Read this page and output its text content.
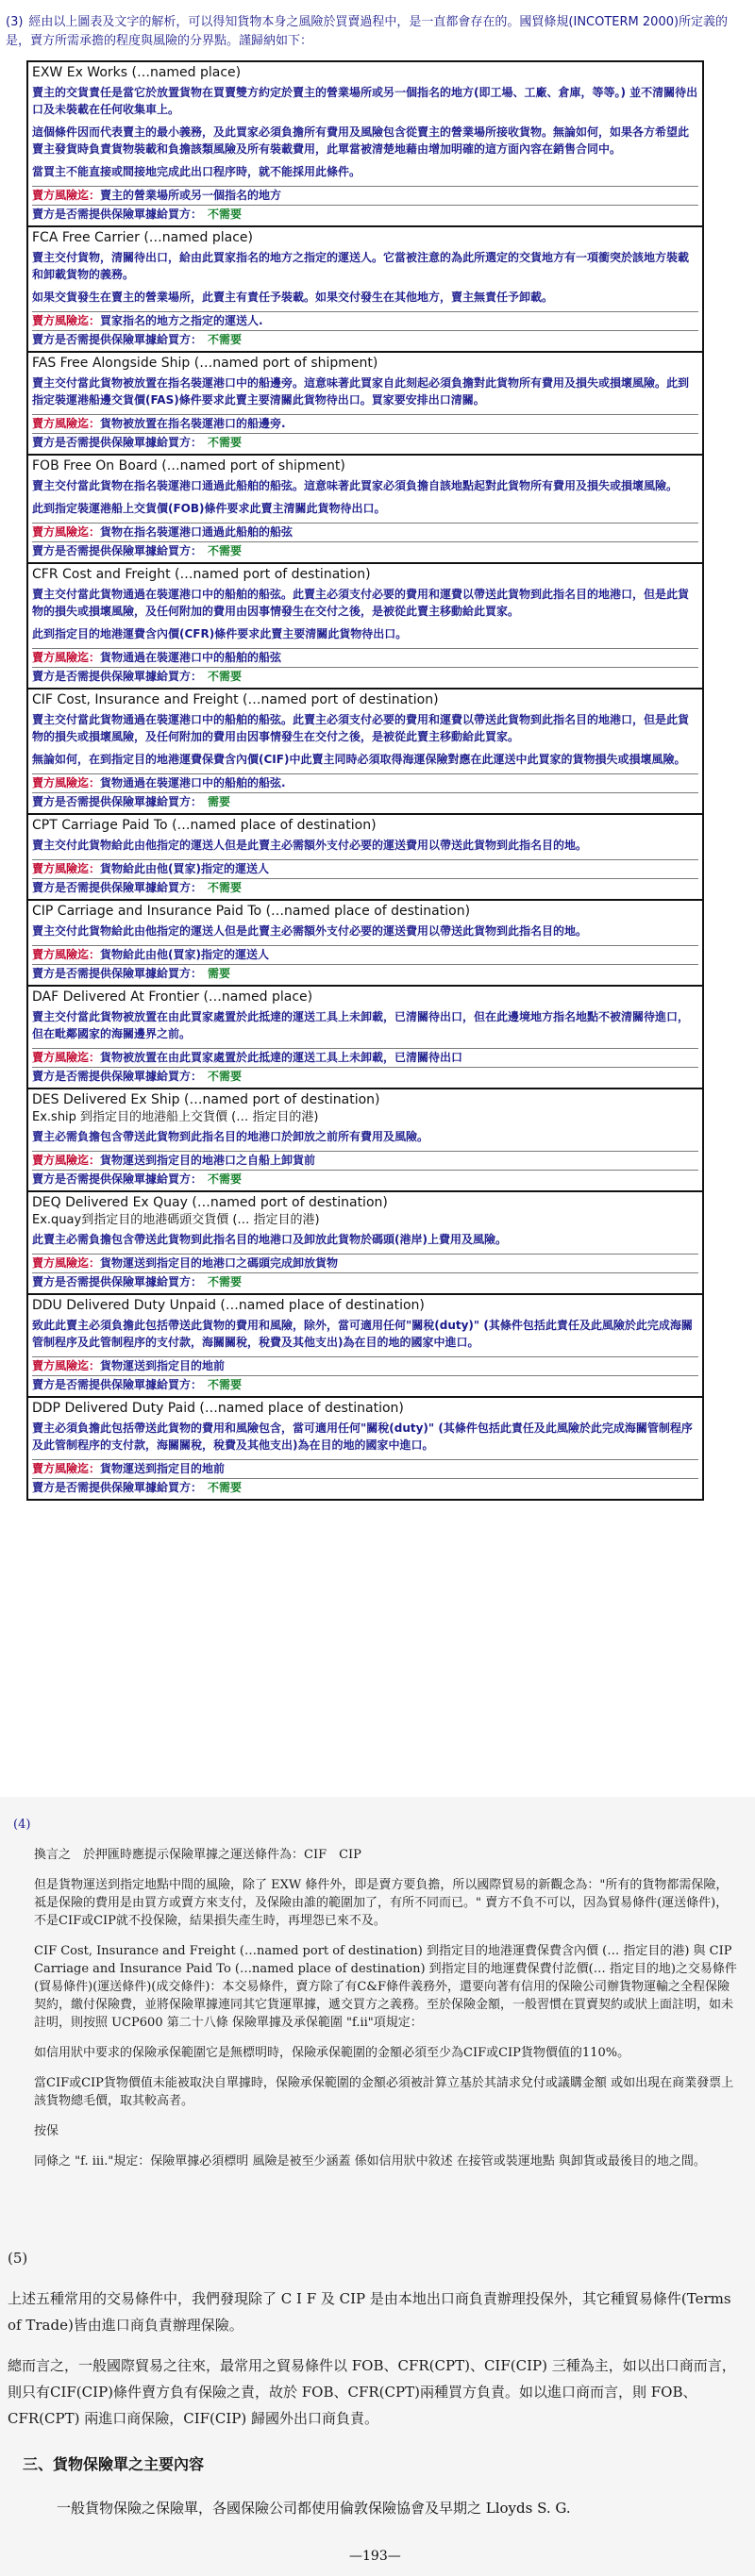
(3) 經由以上圖表及文字的解析，可以得知貨物本身之風險於買賣過程中，是一直都會存在的。國貿條規(INCOTERM 2000)所定義的是，賣方所需承擔的程度與風險的分界點。謹歸納如下：
EXW Ex Works (…named place)
賣主的交貨責任是當它於放置貨物在買賣雙方約定於賣主的營業場所或另一個指名的地方(即工場、工廠、倉庫，等等。) 並不清關待出口及未裝載在任何收集車上。
這個條件因而代表賣主的最小義務，及此買家必須負擔所有費用及風險包含從賣主的營業場所接收貨物。無論如何，如果各方希望此賣主發貨時負責貨物裝載和負擔該類風險及所有裝載費用，此單當被清楚地藉由增加明確的這方面內容在銷售合同中。
當買主不能直接或間接地完成此出口程序時，就不能採用此條件。
賣方風險迄：賣主的營業場所或另一個指名的地方
賣方是否需提供保險單據給買方： 不需要
FCA Free Carrier (…named place)
賣主交付貨物，清關待出口，給由此買家指名的地方之指定的運送人。它當被注意的為此所選定的交貨地方有一項衝突於該地方裝載和卸載貨物的義務。
如果交貨發生在賣主的營業場所，此賣主有責任予裝載。如果交付發生在其他地方，賣主無責任予卸載。
賣方風險迄：買家指名的地方之指定的運送人.
賣方是否需提供保險單據給買方： 不需要
FAS Free Alongside Ship (…named port of shipment)
賣主交付當此貨物被放置在指名裝運港口中的船邊旁。這意味著此買家自此刻起必須負擔對此貨物所有費用及損失或損壞風險。此到指定裝運港船邊交貨價(FAS)條件要求此賣主要清關此貨物待出口。買家要安排出口清關。
賣方風險迄：貨物被放置在指名裝運港口的船邊旁.
賣方是否需提供保險單據給買方： 不需要
FOB Free On Board (…named port of shipment)
賣主交付當此貨物在指名裝運港口通過此船舶的船弦。這意味著此買家必須負擔自該地點起對此貨物所有費用及損失或損壞風險。
此到指定裝運港船上交貨價(FOB)條件要求此賣主清關此貨物待出口。
賣方風險迄：貨物在指名裝運港口通過此船舶的船弦
賣方是否需提供保險單據給買方： 不需要
CFR Cost and Freight (…named port of destination)
賣主交付當此貨物通過在裝運港口中的船舶的船弦。此賣主必須支付必要的費用和運費以帶送此貨物到此指名目的地港口，但是此貨物的損失或損壞風險，及任何附加的費用由因事情發生在交付之後，是被從此賣主移動給此買家。
此到指定目的地港運費含內價(CFR)條件要求此賣主要清關此貨物待出口。
賣方風險迄：貨物通過在裝運港口中的船舶的船弦
賣方是否需提供保險單據給買方： 不需要
CIF Cost, Insurance and Freight (…named port of destination)
賣主交付當此貨物通過在裝運港口中的船舶的船弦。此賣主必須支付必要的費用和運費以帶送此貨物到此指名目的地港口，但是此貨物的損失或損壞風險，及任何附加的費用由因事情發生在交付之後，是被從此賣主移動給此買家。
無論如何，在到指定目的地港運費保費含內價(CIF)中此賣主同時必須取得海運保險對應在此運送中此買家的貨物損失或損壞風險。
賣方風險迄：貨物通過在裝運港口中的船舶的船弦.
賣方是否需提供保險單據給買方： 需要
CPT Carriage Paid To (…named place of destination)
賣主交付此貨物給此由他指定的運送人但是此賣主必需額外支付必要的運送費用以帶送此貨物到此指名目的地。
賣方風險迄：貨物給此由他(買家)指定的運送人
賣方是否需提供保險單據給買方： 不需要
CIP Carriage and Insurance Paid To (…named place of destination)
賣主交付此貨物給此由他指定的運送人但是此賣主必需額外支付必要的運送費用以帶送此貨物到此指名目的地。
賣方風險迄：貨物給此由他(買家)指定的運送人
賣方是否需提供保險單據給買方： 需要
DAF Delivered At Frontier (…named place)
賣主交付當此貨物被放置在由此買家處置於此抵達的運送工具上未卸載，已清關待出口，但在此邊境地方指名地點不被清關待進口，但在毗鄰國家的海關邊界之前。
賣方風險迄：貨物被放置在由此買家處置於此抵達的運送工具上未卸載，已清關待出口
賣方是否需提供保險單據給買方： 不需要
DES Delivered Ex Ship (…named port of destination)
Ex.ship 到指定目的地港船上交貨價 (… 指定目的港)
賣主必需負擔包含帶送此貨物到此指名目的地港口於卸放之前所有費用及風險。
賣方風險迄：貨物運送到指定目的地港口之自船上卸貨前
賣方是否需提供保險單據給買方： 不需要
DEQ Delivered Ex Quay (…named port of destination)
Ex.quay到指定目的地港碼頭交貨價 (… 指定目的港)
此賣主必需負擔包含帶送此貨物到此指名目的地港口及卸放此貨物於碼頭(港岸)上費用及風險。
賣方風險迄：貨物運送到指定目的地港口之碼頭完成卸放貨物
賣方是否需提供保險單據給買方： 不需要
DDU Delivered Duty Unpaid (…named place of destination)
致此此賣主必須負擔此包括帶送此貨物的費用和風險，除外，當可適用任何"關稅(duty)" (其條件包括此責任及此風險於此完成海關管制程序及此管制程序的支付款，海關關稅，稅費及其他支出)為在目的地的國家中進口。
賣方風險迄：貨物運送到指定目的地前
賣方是否需提供保險單據給買方： 不需要
DDP Delivered Duty Paid (…named place of destination)
賣主必須負擔此包括帶送此貨物的費用和風險包含，當可適用任何"關稅(duty)" (其條件包括此責任及此風險於此完成海關管制程序及此管制程序的支付款，海關關稅，稅費及其他支出)為在目的地的國家中進口。
賣方風險迄：貨物運送到指定目的地前
賣方是否需提供保險單據給買方： 不需要
(4)

換言之　於押匯時應提示保險單據之運送條件為：CIF　CIP

但是貨物運送到指定地點中間的風險，除了 EXW 條件外，即是賣方要負擔，所以國際貿易的新觀念為："所有的貨物都需保險，祗是保險的費用是由買方或賣方來支付，及保險由誰的範圍加了，有所不同而已。" 賣方不負不可以，因為貿易條件(運送條件)，不是CIF或CIP就不投保險，結果損失產生時，再埋怨已來不及。

CIF Cost, Insurance and Freight (…named port of destination) 到指定目的地港運費保費含內價 (… 指定目的港) 與 CIP Carriage and Insurance Paid To (…named place of destination) 到指定目的地運費保費付訖價(… 指定目的地)之交易條件(貿易條件)(運送條件)(成交條件)：本交易條件，賣方除了有C&F條件義務外，還要向著有信用的保險公司辦貨物運輸之全程保險契約，繳付保險費，並將保險單據連同其它貨運單據，遞交買方之義務。至於保險金額，一般習慣在買賣契約或狀上面註明，如未註明，則按照 UCP600 第二十八條 保險單據及承保範圍 "f.ii"項規定：

如信用狀中要求的保險承保範圍它是無標明時，保險承保範圍的金額必須至少為CIF或CIP貨物價值的110%。

當CIF或CIP貨物價值未能被取決自單據時，保險承保範圍的金額必須被計算立基於其請求兌付或議購金額 或如出現在商業發票上該貨物總毛價，取其較高者。

按保

同條之 "f. iii."規定：保險單據必須標明 風險是被至少涵蓋 係如信用狀中敘述 在接管或裝運地點 與卸貨或最後目的地之間。

(5)

上述五種常用的交易條件中，我們發現除了 C I F 及 CIP 是由本地出口商負責辦理投保外，其它種貿易條件(Terms of Trade)皆由進口商負責辦理保險。

總而言之，一般國際貿易之往來，最常用之貿易條件以 FOB、CFR(CPT)、CIF(CIP) 三種為主，如以出口商而言，則只有CIF(CIP)條件賣方負有保險之責，故於 FOB、CFR(CPT)兩種買方負責。如以進口商而言，則 FOB、CFR(CPT) 兩進口商保險，CIF(CIP) 歸國外出口商負責。

三、貨物保險單之主要內容
一般貨物保險之保險單，各國保險公司都使用倫敦保險協會及早期之 Lloyds S. G.
—193—
